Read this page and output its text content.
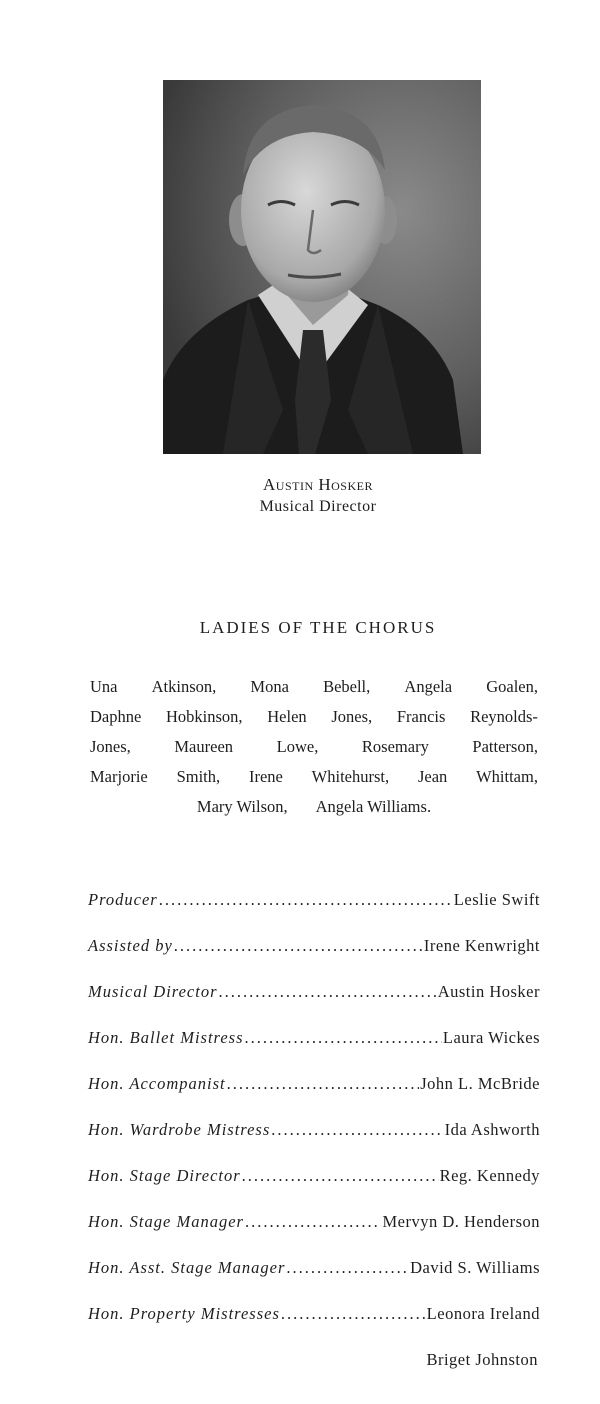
Austin Hosker
Musical Director
LADIES OF THE CHORUS
Una Atkinson, Mona Bebell, Angela Goalen,
Daphne Hobkinson, Helen Jones, Francis Reynolds-
Jones,	Maureen	Lowe,	Rosemary	Patterson,
Marjorie Smith, Irene Whitehurst, Jean Whittam,
Mary Wilson, Angela Williams.
Producer .....	Leslie Swift
Assisted by .....	Irene Kenwright
Musical Director .....	Austin Hosker
Hon. Ballet Mistress .....	Laura Wickes
Hon. Accompanist .....	John L. McBride
Hon. Wardrobe Mistress .....	Ida Ashworth
Hon. Stage Director .....	Reg. Kennedy
Hon. Stage Manager .....	Mervyn D. Henderson
Hon. Asst. Stage Manager .....	David S. Williams
Hon. Property Mistresses .....	Leonora Ireland
Briget Johnston
